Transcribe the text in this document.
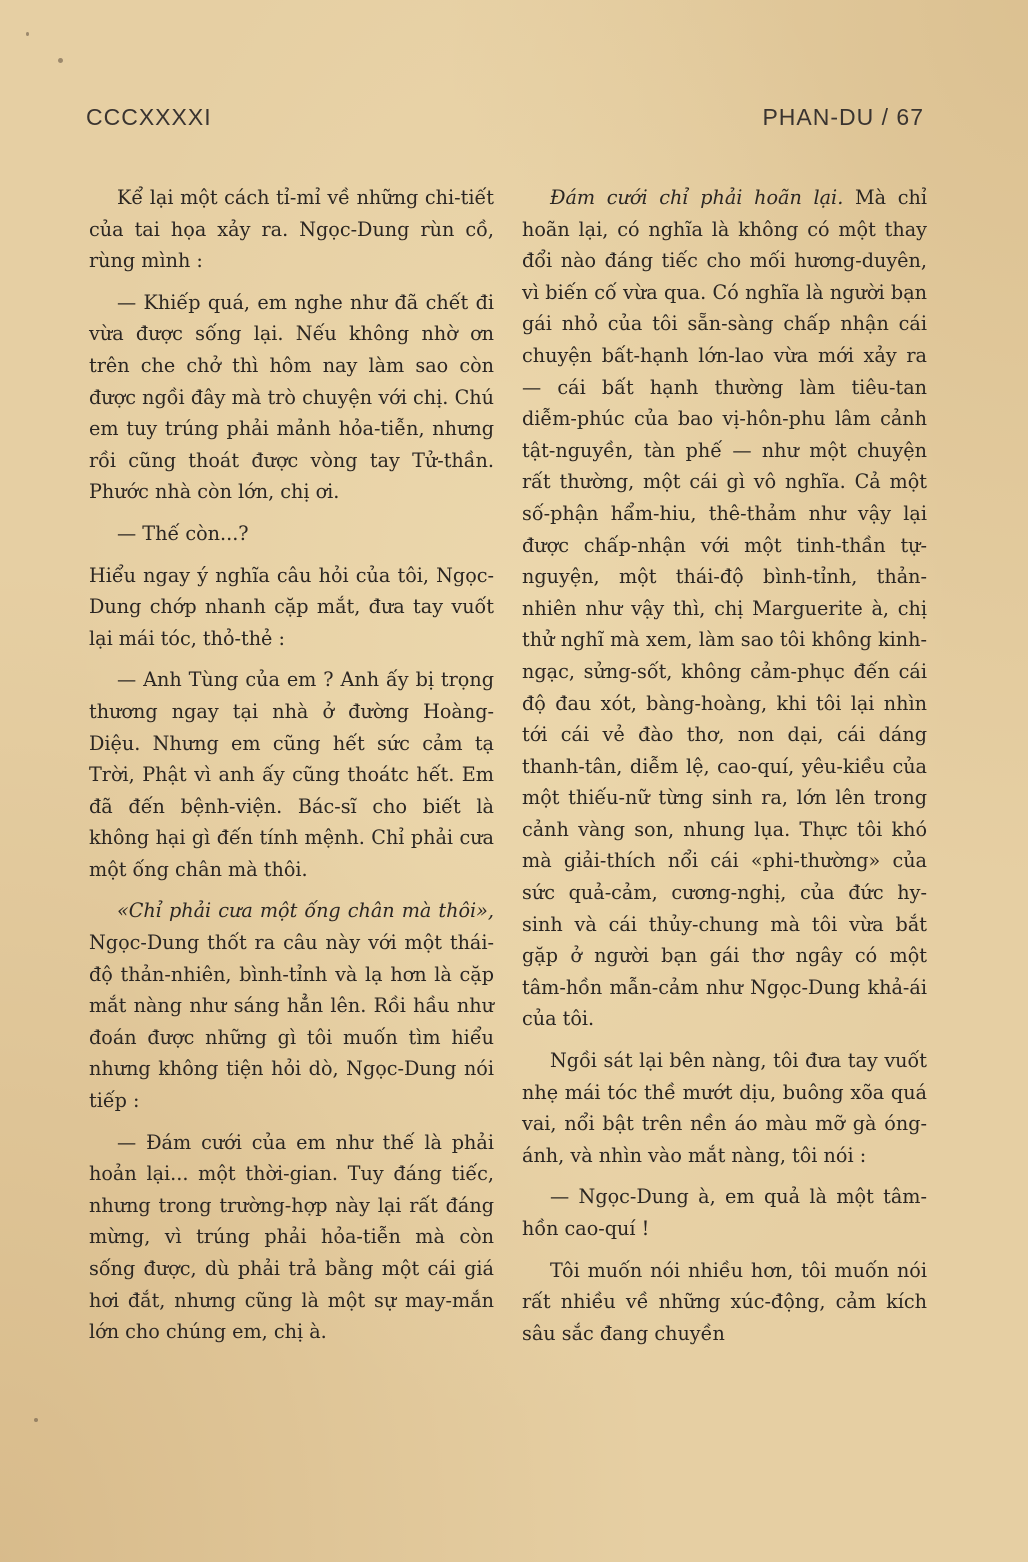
CCCXXXXI	PHAN-DU / 67

Kể lại một cách tỉ-mỉ về những chi-tiết của tai họa xảy ra. Ngọc-Dung rùn cồ, rùng mình :

— Khiếp quá, em nghe như đã chết đi vừa được sống lại. Nếu không nhờ ơn trên che chở thì hôm nay làm sao còn được ngồi đây mà trò chuyện với chị. Chú em tuy trúng phải mảnh hỏa-tiễn, nhưng rồi cũng thoát được vòng tay Tử-thần. Phước nhà còn lớn, chị ơi.

— Thế còn...?

Hiểu ngay ý nghĩa câu hỏi của tôi, Ngọc-Dung chớp nhanh cặp mắt, đưa tay vuốt lại mái tóc, thỏ-thẻ :

— Anh Tùng của em ? Anh ấy bị trọng thương ngay tại nhà ở đường Hoàng-Diệu. Nhưng em cũng hết sức cảm tạ Trời, Phật vì anh ấy cũng thoátc hết. Em đã đến bệnh-viện. Bác-sĩ cho biết là không hại gì đến tính mệnh. Chỉ phải cưa một ống chân mà thôi.

«Chỉ phải cưa một ống chân mà thôi», Ngọc-Dung thốt ra câu này với một thái-độ thản-nhiên, bình-tỉnh và lạ hơn là cặp mắt nàng như sáng hẳn lên. Rồi hầu như đoán được những gì tôi muốn tìm hiểu nhưng không tiện hỏi dò, Ngọc-Dung nói tiếp :

— Đám cưới của em như thế là phải hoản lại... một thời-gian. Tuy đáng tiếc, nhưng trong trường-hợp này lại rất đáng mừng, vì trúng phải hỏa-tiễn mà còn sống được, dù phải trả bằng một cái giá hơi đắt, nhưng cũng là một sự may-mắn lớn cho chúng em, chị à.

Đám cưới chỉ phải hoãn lại. Mà chỉ hoãn lại, có nghĩa là không có một thay đổi nào đáng tiếc cho mối hương-duyên, vì biến cố vừa qua. Có nghĩa là người bạn gái nhỏ của tôi sẵn-sàng chấp nhận cái chuyện bất-hạnh lớn-lao vừa mới xảy ra — cái bất hạnh thường làm tiêu-tan diễm-phúc của bao vị-hôn-phu lâm cảnh tật-nguyền, tàn phế — như một chuyện rất thường, một cái gì vô nghĩa. Cả một số-phận hẩm-hiu, thê-thảm như vậy lại được chấp-nhận với một tinh-thần tự-nguyện, một thái-độ bình-tỉnh, thản-nhiên như vậy thì, chị Marguerite à, chị thử nghĩ mà xem, làm sao tôi không kinh-ngạc, sửng-sốt, không cảm-phục đến cái độ đau xót, bàng-hoàng, khi tôi lại nhìn tới cái vẻ đào thơ, non dại, cái dáng thanh-tân, diễm lệ, cao-quí, yêu-kiều của một thiếu-nữ từng sinh ra, lớn lên trong cảnh vàng son, nhung lụa. Thực tôi khó mà giải-thích nổi cái «phi-thường» của sức quả-cảm, cương-nghị, của đức hy-sinh và cái thủy-chung mà tôi vừa bắt gặp ở người bạn gái thơ ngây có một tâm-hồn mẫn-cảm như Ngọc-Dung khả-ái của tôi.

Ngồi sát lại bên nàng, tôi đưa tay vuốt nhẹ mái tóc thề mướt dịu, buông xõa quá vai, nổi bật trên nền áo màu mỡ gà óng-ánh, và nhìn vào mắt nàng, tôi nói :

— Ngọc-Dung à, em quả là một tâm-hồn cao-quí !

Tôi muốn nói nhiều hơn, tôi muốn nói rất nhiều về những xúc-động, cảm kích sâu sắc đang chuyền
